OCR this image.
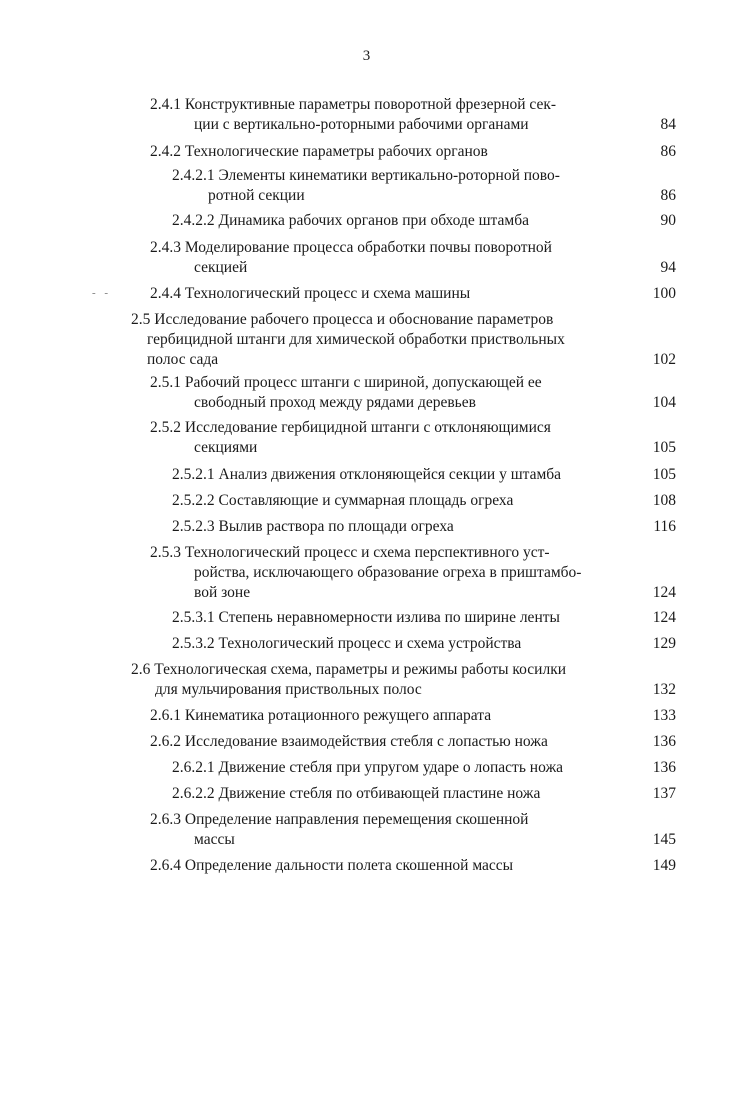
3
- -
2.4.1 Конструктивные параметры поворотной фрезерной сек-
ции с вертикально-роторными рабочими органами	84
2.4.2 Технологические параметры рабочих органов	86
2.4.2.1 Элементы кинематики вертикально-роторной пово-
ротной секции	86
2.4.2.2 Динамика рабочих органов при обходе штамба	90
2.4.3 Моделирование процесса обработки почвы поворотной
секцией	94
2.4.4 Технологический процесс и схема машины	100
2.5 Исследование рабочего процесса и обоснование параметров
гербицидной штанги для химической обработки приствольных
полос сада	102
2.5.1 Рабочий процесс штанги с шириной, допускающей ее
свободный проход между рядами деревьев	104
2.5.2 Исследование гербицидной штанги с отклоняющимися
секциями	105
2.5.2.1 Анализ движения отклоняющейся секции у штамба	105
2.5.2.2 Составляющие и суммарная площадь огреха	108
2.5.2.3 Вылив раствора по площади огреха	116
2.5.3 Технологический процесс и схема перспективного уст-
ройства, исключающего образование огреха в приштамбо-
вой зоне	124
2.5.3.1 Степень неравномерности излива по ширине ленты	124
2.5.3.2 Технологический процесс и схема устройства	129
2.6 Технологическая схема, параметры и режимы работы косилки
для мульчирования приствольных полос	132
2.6.1 Кинематика ротационного режущего аппарата	133
2.6.2 Исследование взаимодействия стебля с лопастью ножа	136
2.6.2.1 Движение стебля при упругом ударе о лопасть ножа	136
2.6.2.2 Движение стебля по отбивающей пластине ножа	137
2.6.3 Определение направления перемещения скошенной
массы	145
2.6.4 Определение дальности полета скошенной массы	149
